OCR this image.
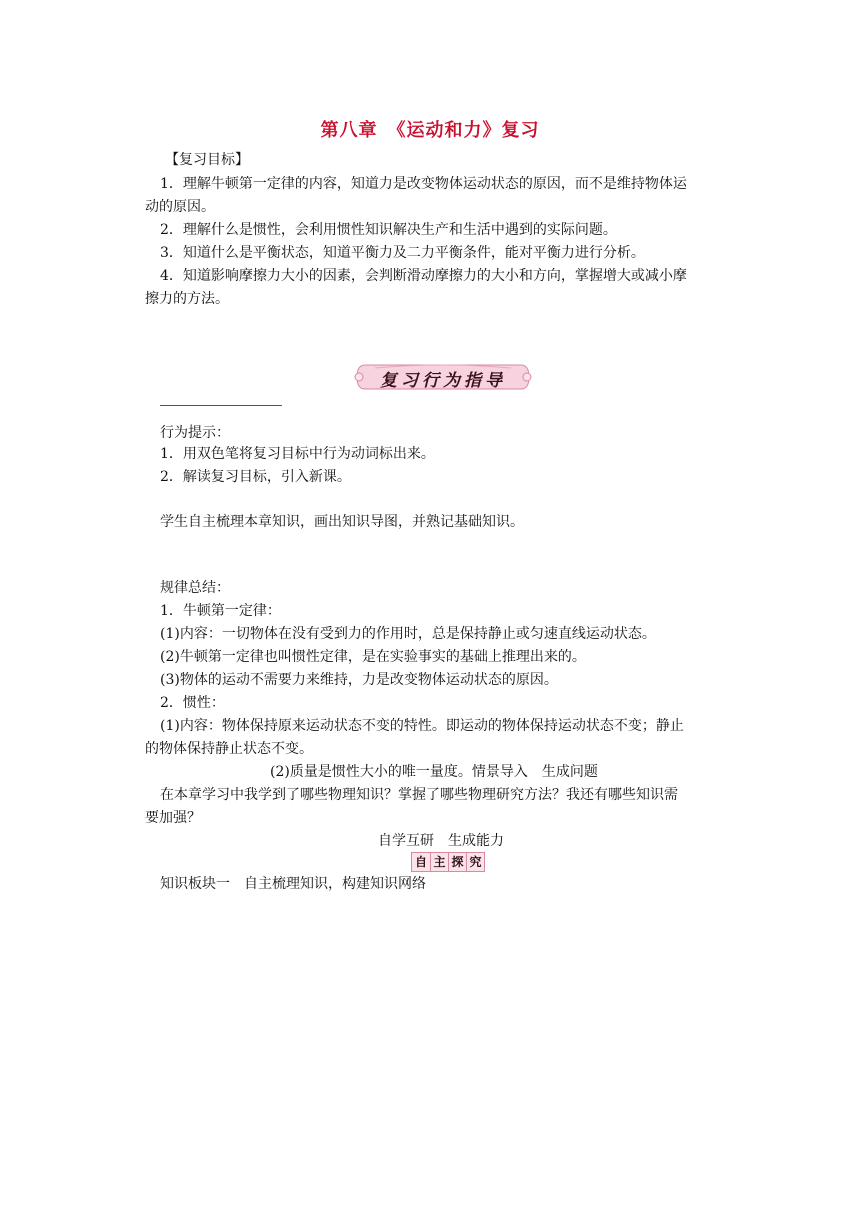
第八章　《运动和力》复习
【复习目标】
1．理解牛顿第一定律的内容，知道力是改变物体运动状态的原因，而不是维持物体运
动的原因。
2．理解什么是惯性，会利用惯性知识解决生产和生活中遇到的实际问题。
3．知道什么是平衡状态，知道平衡力及二力平衡条件，能对平衡力进行分析。
4．知道影响摩擦力大小的因素，会判断滑动摩擦力的大小和方向，掌握增大或减小摩
擦力的方法。
复习行为指导
行为提示：
1．用双色笔将复习目标中行为动词标出来。
2．解读复习目标，引入新课。
学生自主梳理本章知识，画出知识导图，并熟记基础知识。
规律总结：
1．牛顿第一定律：
(1)内容：一切物体在没有受到力的作用时，总是保持静止或匀速直线运动状态。
(2)牛顿第一定律也叫惯性定律，是在实验事实的基础上推理出来的。
(3)物体的运动不需要力来维持，力是改变物体运动状态的原因。
2．惯性：
(1)内容：物体保持原来运动状态不变的特性。即运动的物体保持运动状态不变；静止
的物体保持静止状态不变。
(2)质量是惯性大小的唯一量度。情景导入　生成问题
在本章学习中我学到了哪些物理知识？掌握了哪些物理研究方法？我还有哪些知识需
要加强？
自学互研　生成能力
自 主 探 究
知识板块一　自主梳理知识，构建知识网络
